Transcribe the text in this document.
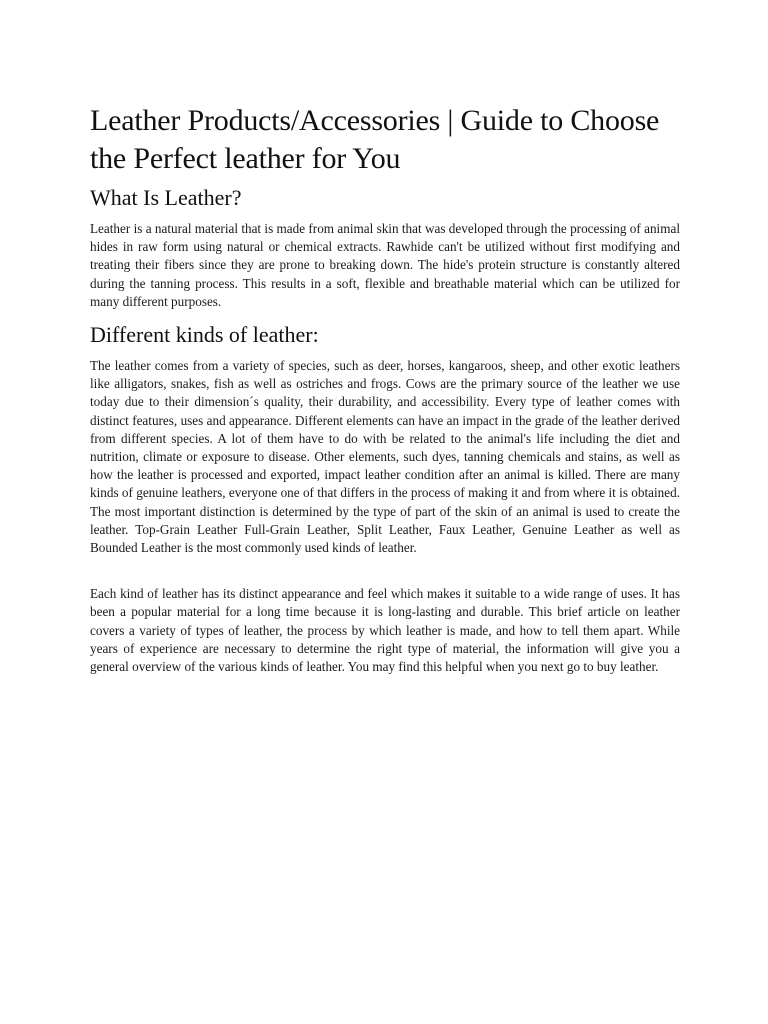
Leather Products/Accessories | Guide to Choose the Perfect leather for You
What Is Leather?

Leather is a natural material that is made from animal skin that was developed through the processing of animal hides in raw form using natural or chemical extracts. Rawhide can't be utilized without first modifying and treating their fibers since they are prone to breaking down. The hide's protein structure is constantly altered during the tanning process. This results in a soft, flexible and breathable material which can be utilized for many different purposes.

Different kinds of leather:

The leather comes from a variety of species, such as deer, horses, kangaroos, sheep, and other exotic leathers like alligators, snakes, fish as well as ostriches and frogs. Cows are the primary source of the leather we use today due to their dimension´s quality, their durability, and accessibility. Every type of leather comes with distinct features, uses and appearance. Different elements can have an impact in the grade of the leather derived from different species. A lot of them have to do with be related to the animal's life including the diet and nutrition, climate or exposure to disease. Other elements, such dyes, tanning chemicals and stains, as well as how the leather is processed and exported, impact leather condition after an animal is killed. There are many kinds of genuine leathers, everyone one of that differs in the process of making it and from where it is obtained. The most important distinction is determined by the type of part of the skin of an animal is used to create the leather. Top-Grain Leather Full-Grain Leather, Split Leather, Faux Leather, Genuine Leather as well as Bounded Leather is the most commonly used kinds of leather.

Each kind of leather has its distinct appearance and feel which makes it suitable to a wide range of uses. It has been a popular material for a long time because it is long-lasting and durable. This brief article on leather covers a variety of types of leather, the process by which leather is made, and how to tell them apart. While years of experience are necessary to determine the right type of material, the information will give you a general overview of the various kinds of leather. You may find this helpful when you next go to buy leather.
